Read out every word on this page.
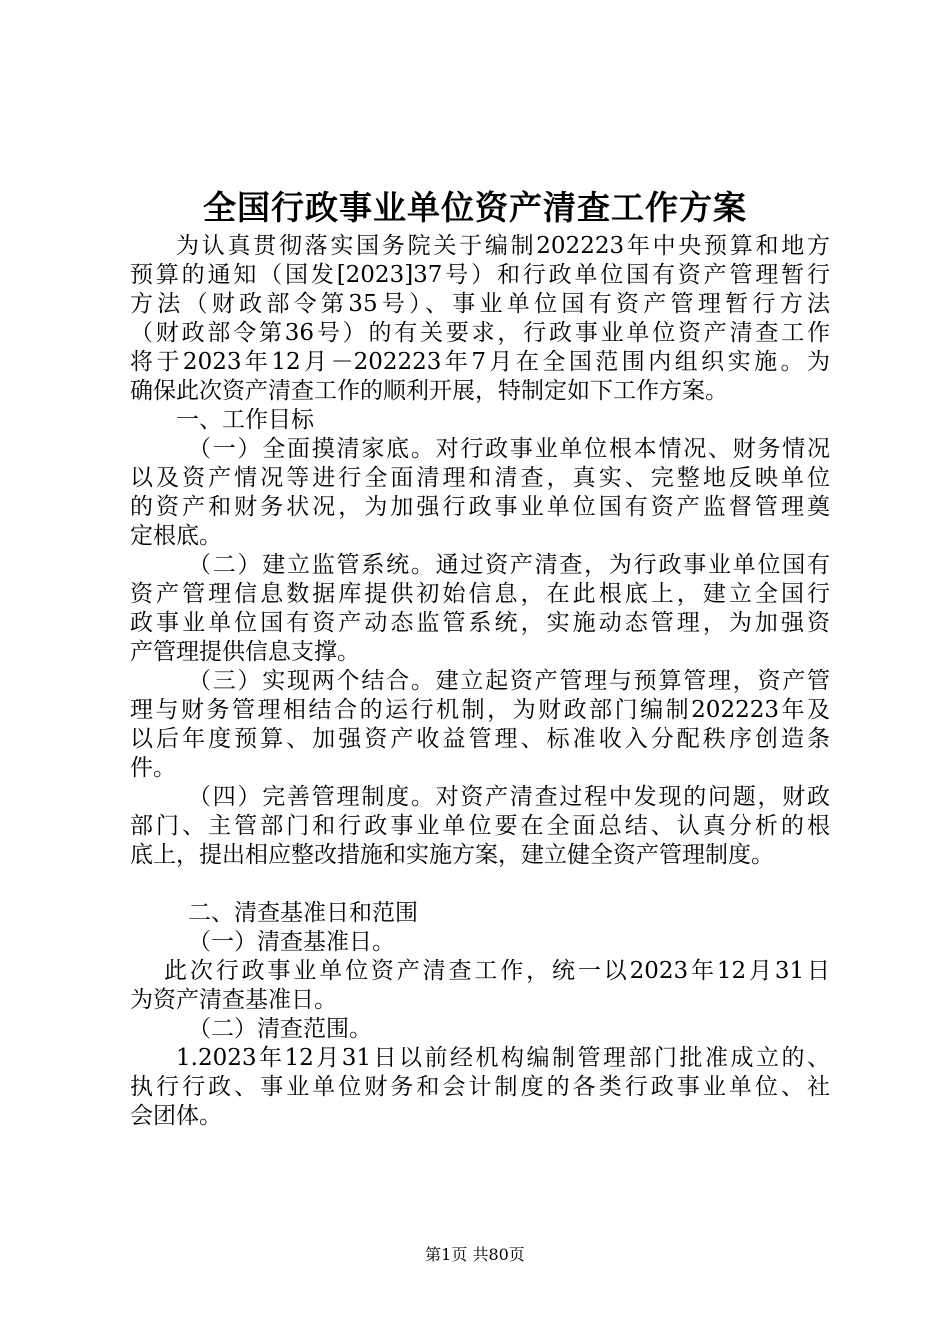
全国行政事业单位资产清查工作方案
为认真贯彻落实国务院关于编制202223年中央预算和地方
预算的通知（国发[2023]37号）和行政单位国有资产管理暂行
方法（财政部令第35号）、事业单位国有资产管理暂行方法
（财政部令第36号）的有关要求，行政事业单位资产清查工作
将于2023年12月－202223年7月在全国范围内组织实施。为
确保此次资产清查工作的顺利开展，特制定如下工作方案。
一、工作目标
（一）全面摸清家底。对行政事业单位根本情况、财务情况
以及资产情况等进行全面清理和清查，真实、完整地反映单位
的资产和财务状况，为加强行政事业单位国有资产监督管理奠
定根底。
（二）建立监管系统。通过资产清查，为行政事业单位国有
资产管理信息数据库提供初始信息，在此根底上，建立全国行
政事业单位国有资产动态监管系统，实施动态管理，为加强资
产管理提供信息支撑。
（三）实现两个结合。建立起资产管理与预算管理，资产管
理与财务管理相结合的运行机制，为财政部门编制202223年及
以后年度预算、加强资产收益管理、标准收入分配秩序创造条
件。
（四）完善管理制度。对资产清查过程中发现的问题，财政
部门、主管部门和行政事业单位要在全面总结、认真分析的根
底上，提出相应整改措施和实施方案，建立健全资产管理制度。
二、清查基准日和范围
（一）清查基准日。
此次行政事业单位资产清查工作，统一以2023年12月31日
为资产清查基准日。
（二）清查范围。
1.2023年12月31日以前经机构编制管理部门批准成立的、
执行行政、事业单位财务和会计制度的各类行政事业单位、社
会团体。
第1页 共80页
